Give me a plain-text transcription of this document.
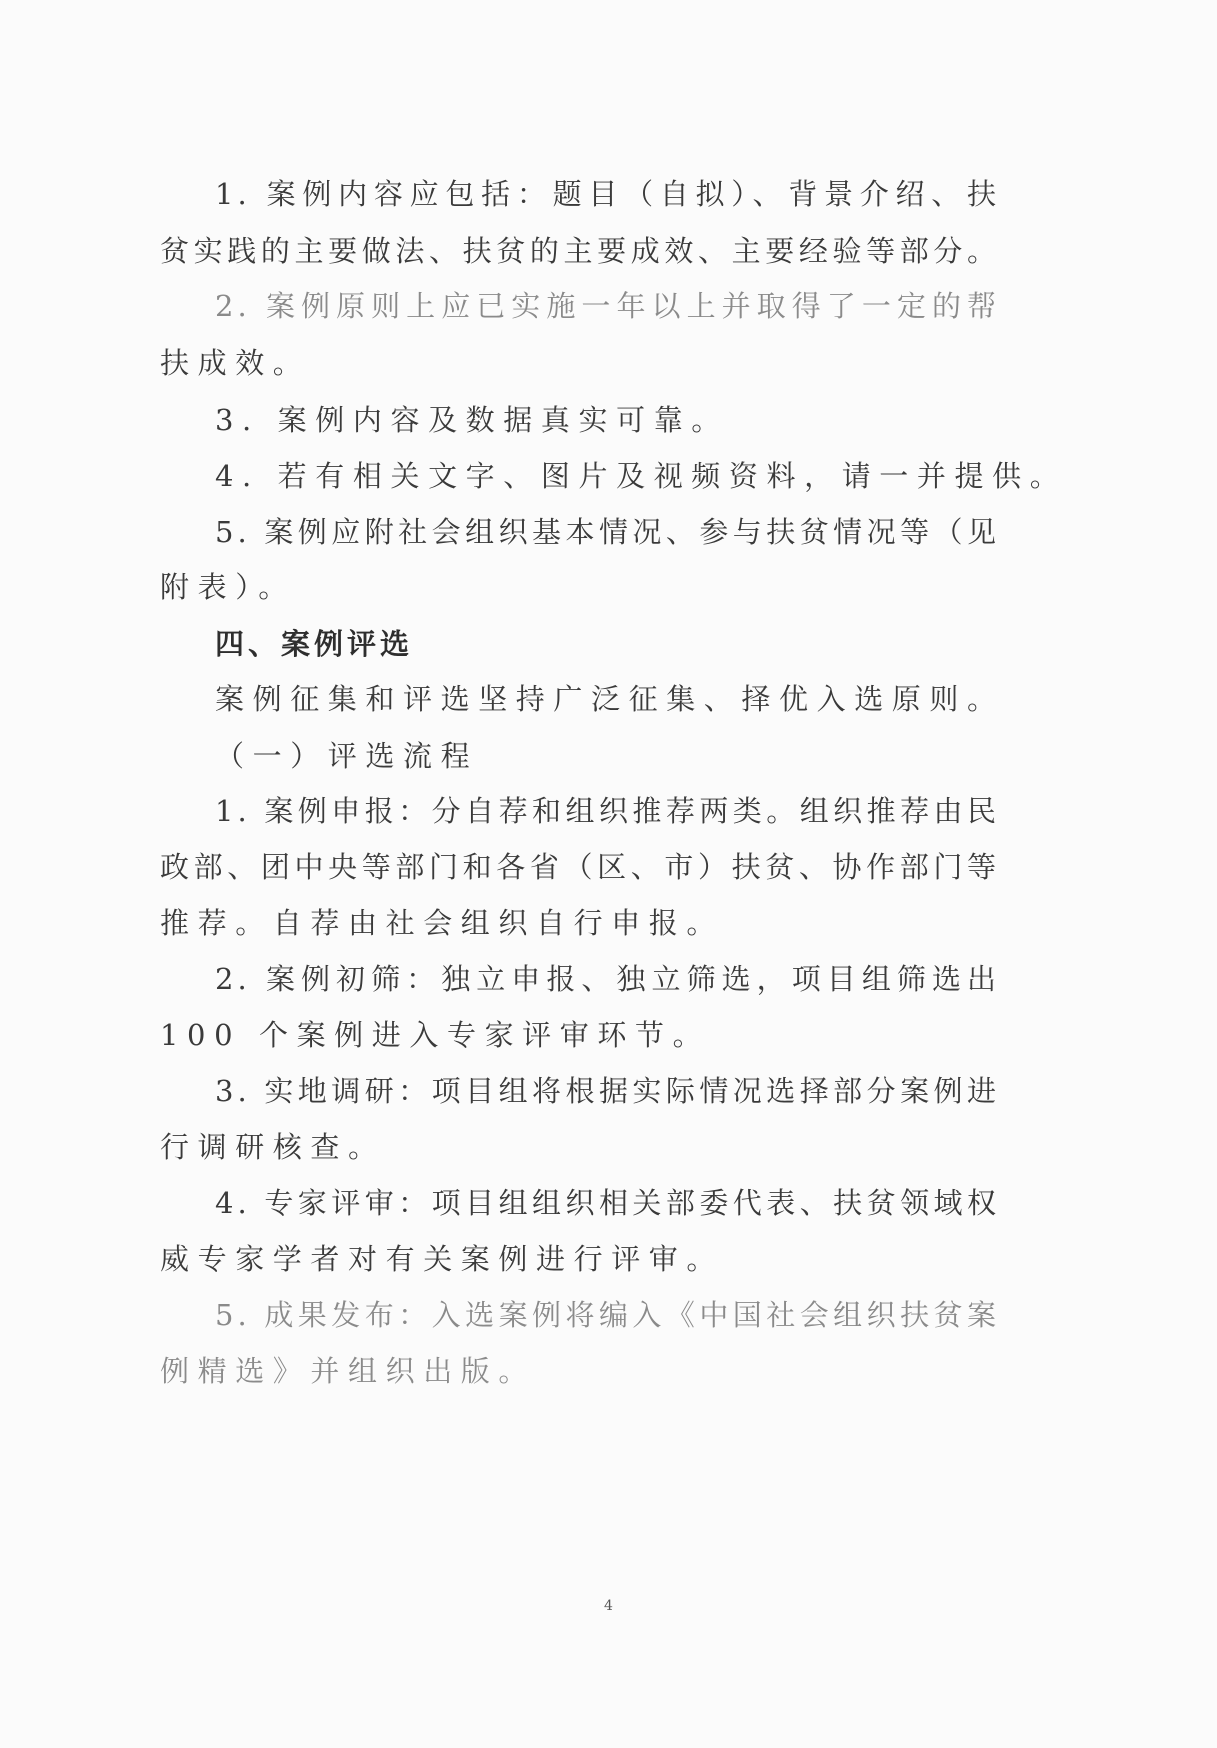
1. 案例内容应包括：题目（自拟）、背景介绍、扶
贫实践的主要做法、扶贫的主要成效、主要经验等部分。
2. 案例原则上应已实施一年以上并取得了一定的帮
扶成效。
3. 案例内容及数据真实可靠。
4. 若有相关文字、图片及视频资料，请一并提供。
5. 案例应附社会组织基本情况、参与扶贫情况等（见
附表）。
四、案例评选
案例征集和评选坚持广泛征集、择优入选原则。
（一）评选流程
1. 案例申报：分自荐和组织推荐两类。组织推荐由民
政部、团中央等部门和各省（区、市）扶贫、协作部门等
推荐。自荐由社会组织自行申报。
2. 案例初筛：独立申报、独立筛选，项目组筛选出
100 个案例进入专家评审环节。
3. 实地调研：项目组将根据实际情况选择部分案例进
行调研核查。
4. 专家评审：项目组组织相关部委代表、扶贫领域权
威专家学者对有关案例进行评审。
5. 成果发布：入选案例将编入《中国社会组织扶贫案
例精选》并组织出版。
4
